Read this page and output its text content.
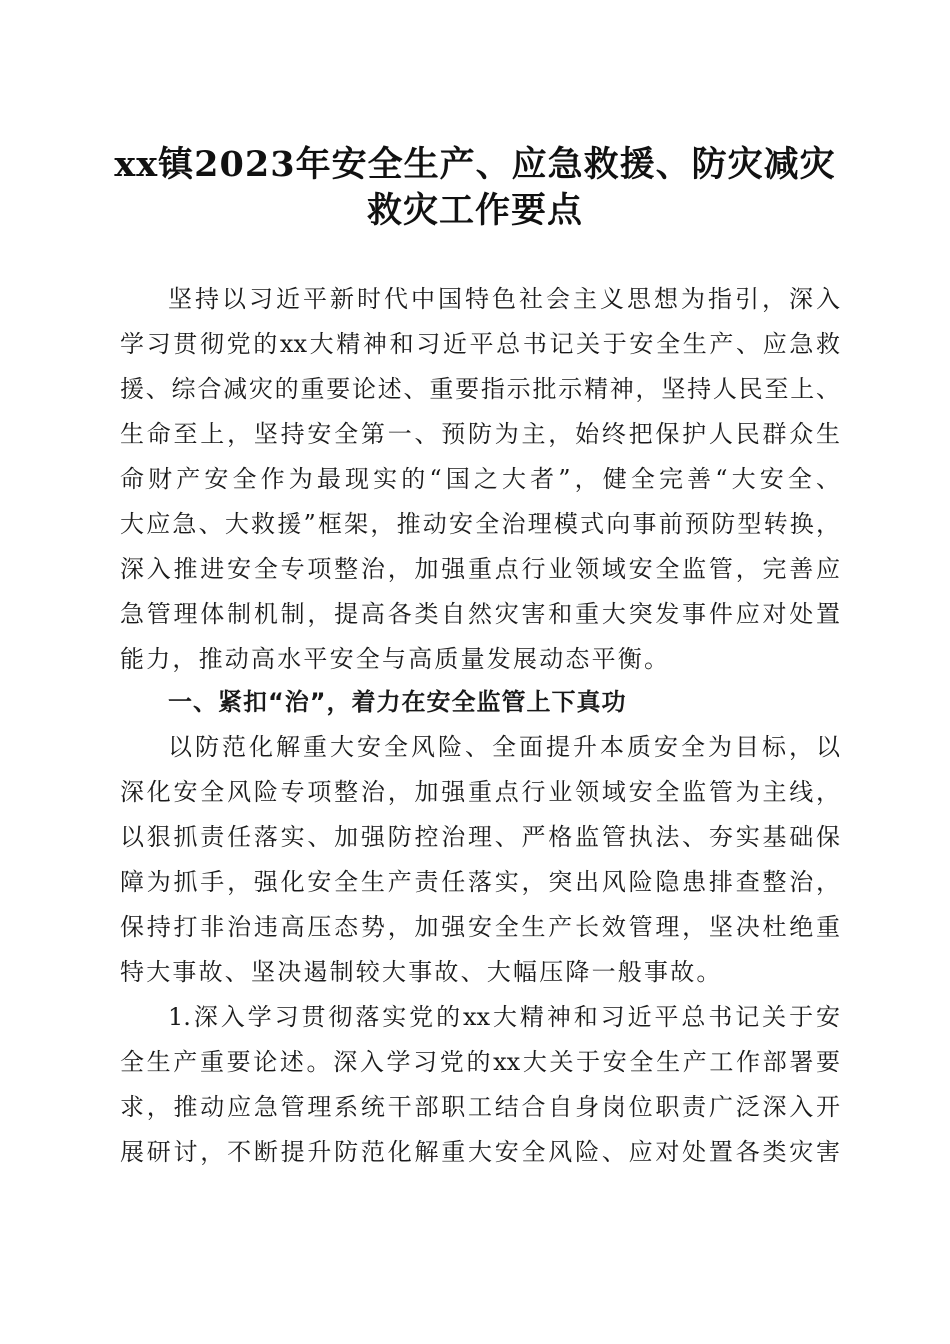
xx镇2023年安全生产、应急救援、防灾减灾
救灾工作要点
坚持以习近平新时代中国特色社会主义思想为指引，深入
学习贯彻党的xx大精神和习近平总书记关于安全生产、应急救
援、综合减灾的重要论述、重要指示批示精神，坚持人民至上、
生命至上，坚持安全第一、预防为主，始终把保护人民群众生
命财产安全作为最现实的“国之大者”，健全完善“大安全、
大应急、大救援”框架，推动安全治理模式向事前预防型转换，
深入推进安全专项整治，加强重点行业领域安全监管，完善应
急管理体制机制，提高各类自然灾害和重大突发事件应对处置
能力，推动高水平安全与高质量发展动态平衡。
一、紧扣“治”，着力在安全监管上下真功
以防范化解重大安全风险、全面提升本质安全为目标，以
深化安全风险专项整治，加强重点行业领域安全监管为主线，
以狠抓责任落实、加强防控治理、严格监管执法、夯实基础保
障为抓手，强化安全生产责任落实，突出风险隐患排查整治，
保持打非治违高压态势，加强安全生产长效管理，坚决杜绝重
特大事故、坚决遏制较大事故、大幅压降一般事故。
1.深入学习贯彻落实党的xx大精神和习近平总书记关于安
全生产重要论述。深入学习党的xx大关于安全生产工作部署要
求，推动应急管理系统干部职工结合自身岗位职责广泛深入开
展研讨，不断提升防范化解重大安全风险、应对处置各类灾害
